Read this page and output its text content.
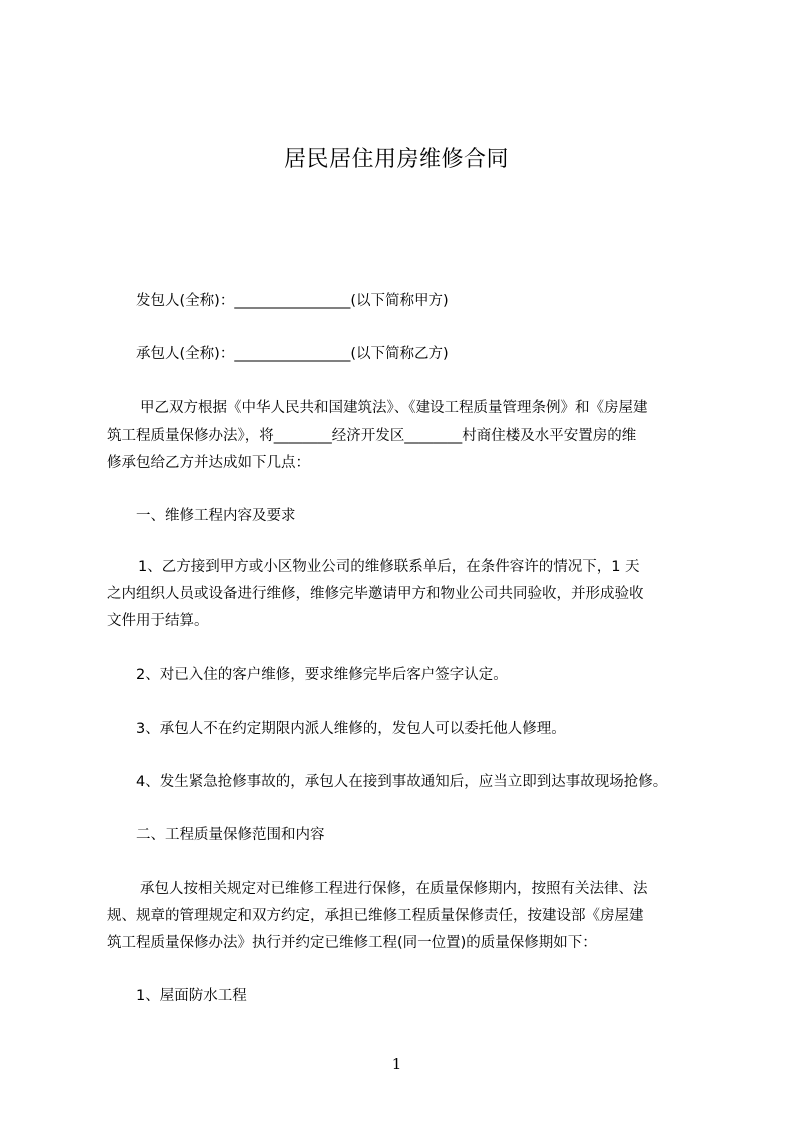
居民居住用房维修合同
发包人(全称)：________________(以下简称甲方)
承包人(全称)：________________(以下简称乙方)
甲乙双方根据《中华人民共和国建筑法》、《建设工程质量管理条例》和《房屋建
筑工程质量保修办法》，将________经济开发区________村商住楼及水平安置房的维
修承包给乙方并达成如下几点：
一、维修工程内容及要求
1、乙方接到甲方或小区物业公司的维修联系单后，在条件容许的情况下，1 天
之内组织人员或设备进行维修，维修完毕邀请甲方和物业公司共同验收，并形成验收
文件用于结算。
2、对已入住的客户维修，要求维修完毕后客户签字认定。
3、承包人不在约定期限内派人维修的，发包人可以委托他人修理。
4、发生紧急抢修事故的，承包人在接到事故通知后，应当立即到达事故现场抢修。
二、工程质量保修范围和内容
承包人按相关规定对已维修工程进行保修，在质量保修期内，按照有关法律、法
规、规章的管理规定和双方约定，承担已维修工程质量保修责任，按建设部《房屋建
筑工程质量保修办法》执行并约定已维修工程(同一位置)的质量保修期如下：
1、屋面防水工程
1
